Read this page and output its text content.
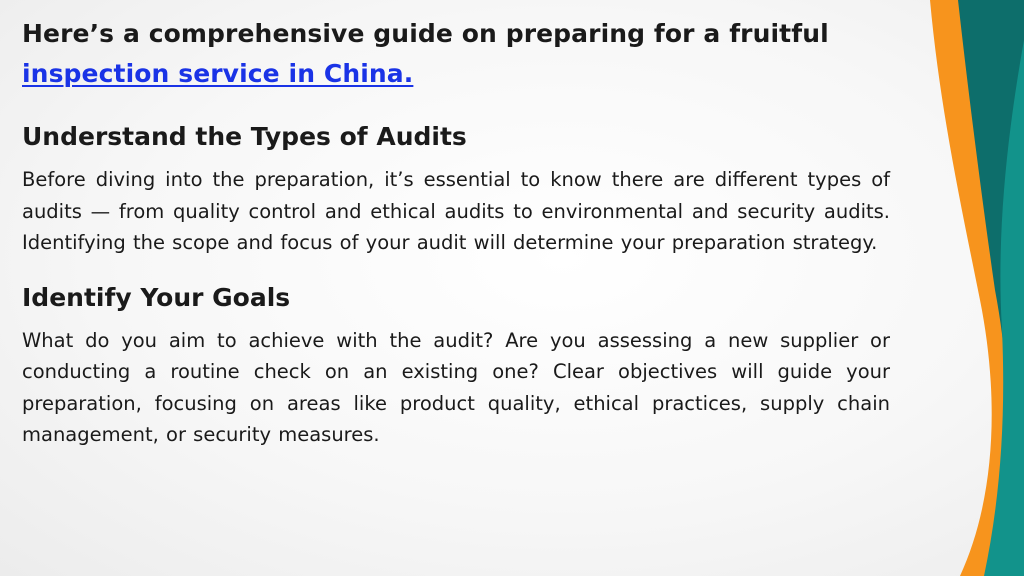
Here’s a comprehensive guide on preparing for a fruitful inspection service in China.

Understand the Types of Audits

Before diving into the preparation, it’s essential to know there are different types of audits — from quality control and ethical audits to environmental and security audits. Identifying the scope and focus of your audit will determine your preparation strategy.

Identify Your Goals

What do you aim to achieve with the audit? Are you assessing a new supplier or conducting a routine check on an existing one? Clear objectives will guide your preparation, focusing on areas like product quality, ethical practices, supply chain management, or security measures.
